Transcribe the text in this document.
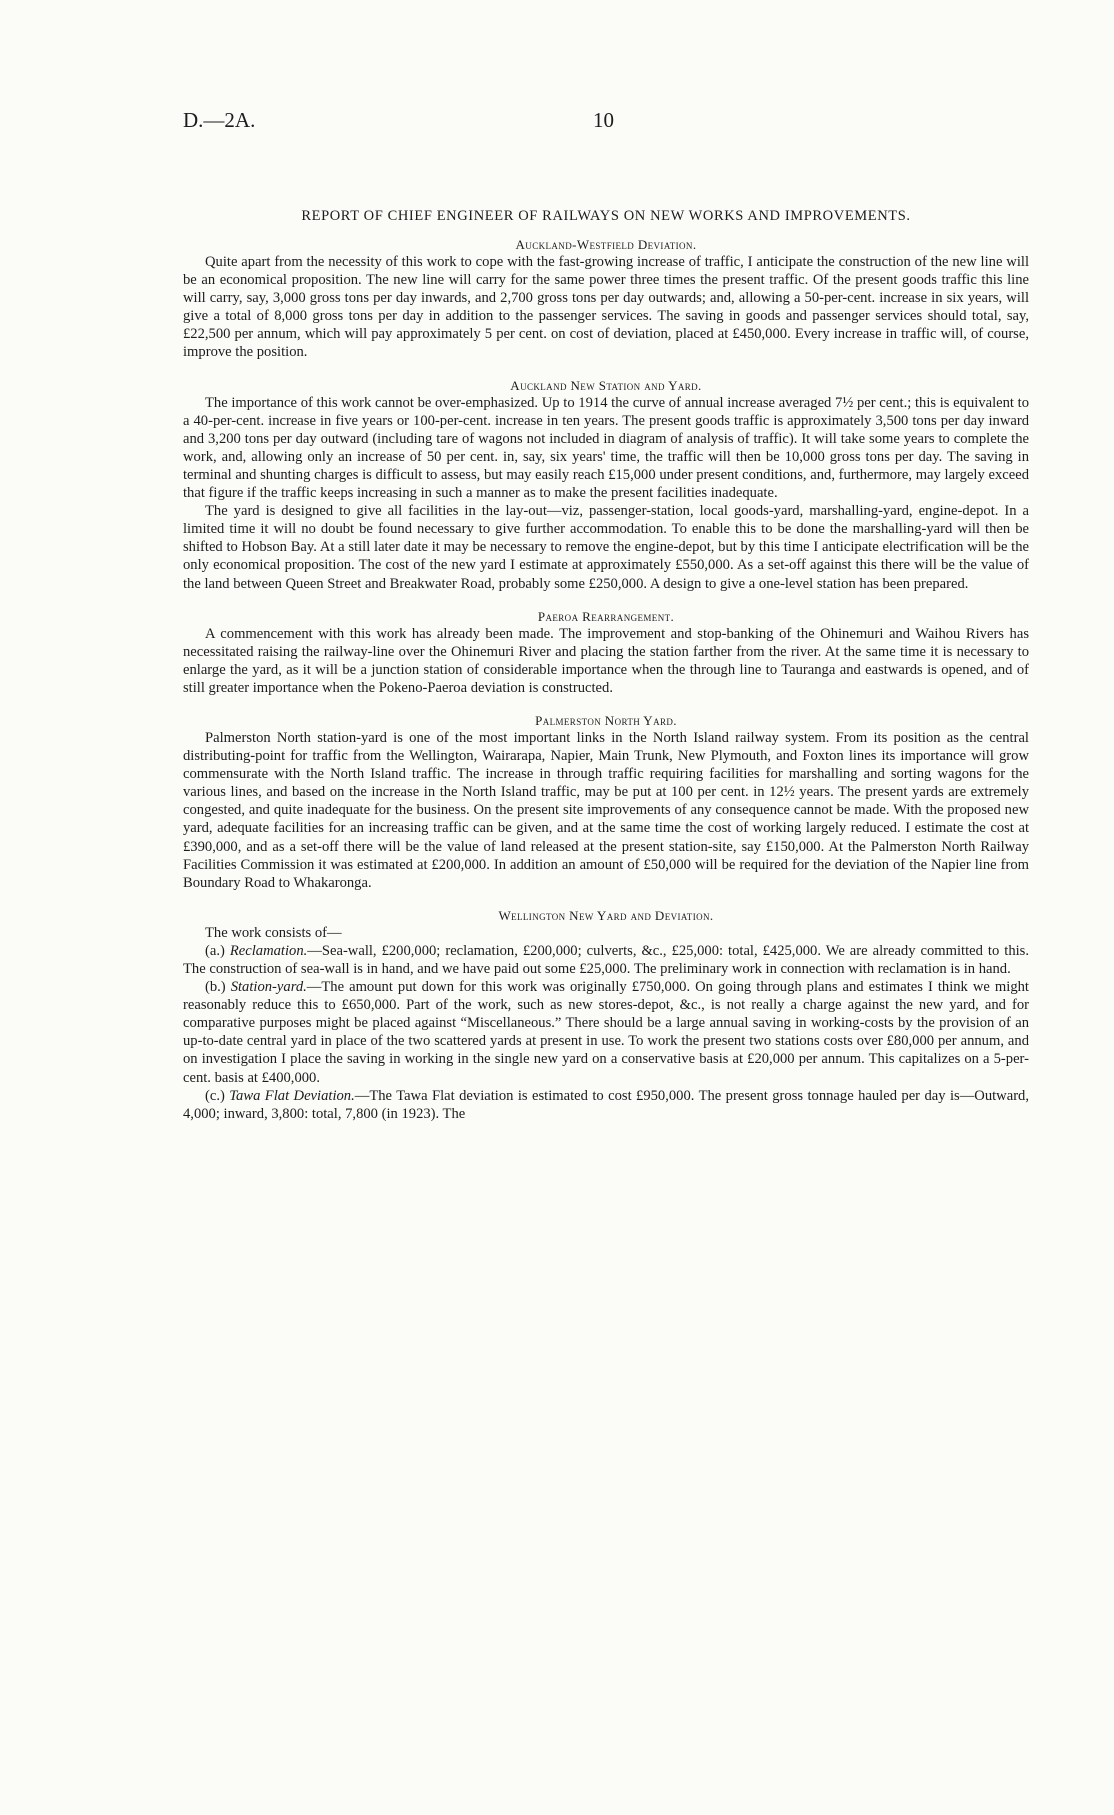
D.—2A.	10
REPORT OF CHIEF ENGINEER OF RAILWAYS ON NEW WORKS AND IMPROVEMENTS.
Auckland-Westfield Deviation.

Quite apart from the necessity of this work to cope with the fast-growing increase of traffic, I anticipate the construction of the new line will be an economical proposition. The new line will carry for the same power three times the present traffic. Of the present goods traffic this line will carry, say, 3,000 gross tons per day inwards, and 2,700 gross tons per day outwards; and, allowing a 50-per-cent. increase in six years, will give a total of 8,000 gross tons per day in addition to the passenger services. The saving in goods and passenger services should total, say, £22,500 per annum, which will pay approximately 5 per cent. on cost of deviation, placed at £450,000. Every increase in traffic will, of course, improve the position.

Auckland New Station and Yard.

The importance of this work cannot be over-emphasized. Up to 1914 the curve of annual increase averaged 7½ per cent.; this is equivalent to a 40-per-cent. increase in five years or 100-per-cent. increase in ten years. The present goods traffic is approximately 3,500 tons per day inward and 3,200 tons per day outward (including tare of wagons not included in diagram of analysis of traffic). It will take some years to complete the work, and, allowing only an increase of 50 per cent. in, say, six years' time, the traffic will then be 10,000 gross tons per day. The saving in terminal and shunting charges is difficult to assess, but may easily reach £15,000 under present conditions, and, furthermore, may largely exceed that figure if the traffic keeps increasing in such a manner as to make the present facilities inadequate.

The yard is designed to give all facilities in the lay-out—viz, passenger-station, local goods-yard, marshalling-yard, engine-depot. In a limited time it will no doubt be found necessary to give further accommodation. To enable this to be done the marshalling-yard will then be shifted to Hobson Bay. At a still later date it may be necessary to remove the engine-depot, but by this time I anticipate electrification will be the only economical proposition. The cost of the new yard I estimate at approximately £550,000. As a set-off against this there will be the value of the land between Queen Street and Breakwater Road, probably some £250,000. A design to give a one-level station has been prepared.

Paeroa Rearrangement.

A commencement with this work has already been made. The improvement and stop-banking of the Ohinemuri and Waihou Rivers has necessitated raising the railway-line over the Ohinemuri River and placing the station farther from the river. At the same time it is necessary to enlarge the yard, as it will be a junction station of considerable importance when the through line to Tauranga and eastwards is opened, and of still greater importance when the Pokeno-Paeroa deviation is constructed.

Palmerston North Yard.

Palmerston North station-yard is one of the most important links in the North Island railway system. From its position as the central distributing-point for traffic from the Wellington, Wairarapa, Napier, Main Trunk, New Plymouth, and Foxton lines its importance will grow commensurate with the North Island traffic. The increase in through traffic requiring facilities for marshalling and sorting wagons for the various lines, and based on the increase in the North Island traffic, may be put at 100 per cent. in 12½ years. The present yards are extremely congested, and quite inadequate for the business. On the present site improvements of any consequence cannot be made. With the proposed new yard, adequate facilities for an increasing traffic can be given, and at the same time the cost of working largely reduced. I estimate the cost at £390,000, and as a set-off there will be the value of land released at the present station-site, say £150,000. At the Palmerston North Railway Facilities Commission it was estimated at £200,000. In addition an amount of £50,000 will be required for the deviation of the Napier line from Boundary Road to Whakaronga.

Wellington New Yard and Deviation.

The work consists of—

(a.) Reclamation.—Sea-wall, £200,000; reclamation, £200,000; culverts, &c., £25,000: total, £425,000. We are already committed to this. The construction of sea-wall is in hand, and we have paid out some £25,000. The preliminary work in connection with reclamation is in hand.

(b.) Station-yard.—The amount put down for this work was originally £750,000. On going through plans and estimates I think we might reasonably reduce this to £650,000. Part of the work, such as new stores-depot, &c., is not really a charge against the new yard, and for comparative purposes might be placed against “Miscellaneous.” There should be a large annual saving in working-costs by the provision of an up-to-date central yard in place of the two scattered yards at present in use. To work the present two stations costs over £80,000 per annum, and on investigation I place the saving in working in the single new yard on a conservative basis at £20,000 per annum. This capitalizes on a 5-per-cent. basis at £400,000.

(c.) Tawa Flat Deviation.—The Tawa Flat deviation is estimated to cost £950,000. The present gross tonnage hauled per day is—Outward, 4,000; inward, 3,800: total, 7,800 (in 1923). The
